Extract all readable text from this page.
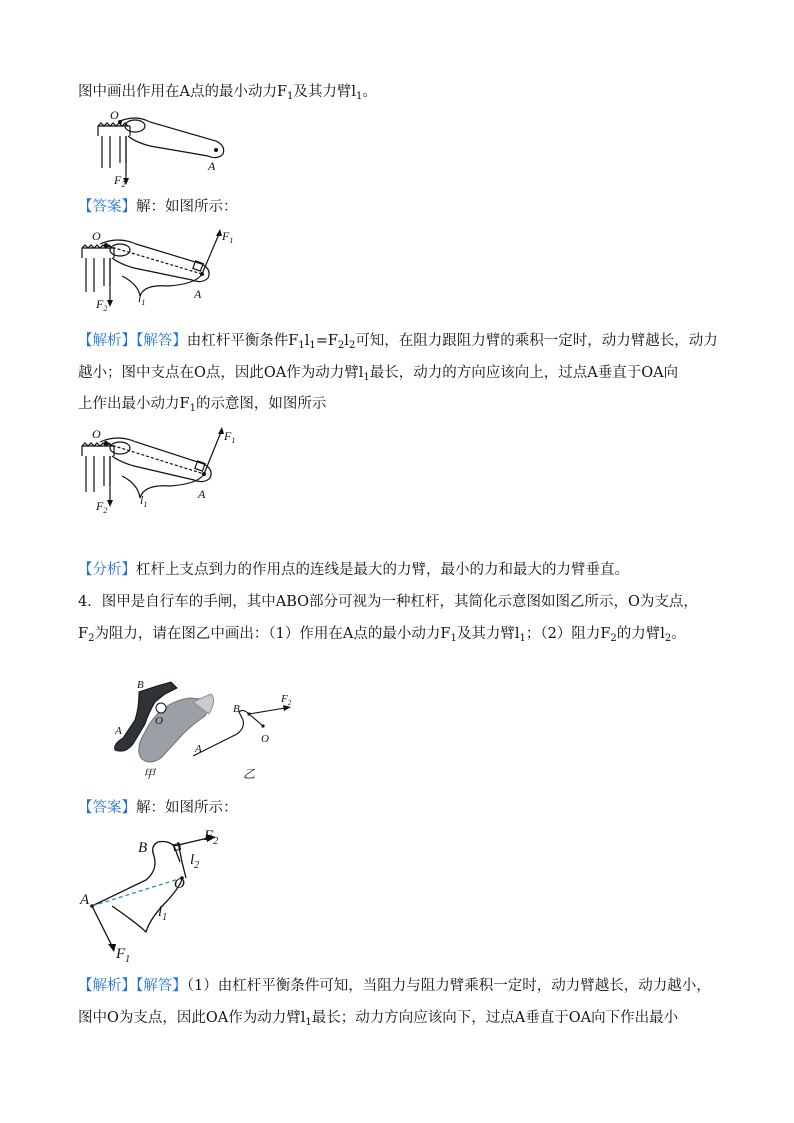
图中画出作用在A点的最小动力$F_1$及其力臂$l_1$。
O
A
$F_2$
【答案】解：如图所示：
O
A
$F_1$
$F_2$
$l_1$
【解析】【解答】由杠杆平衡条件$F_1l_1=F_2l_2$可知，在阻力跟阻力臂的乘积一定时，动力臂越长，动力
越小；图中支点在O点，因此OA作为动力臂$l_1$最长，动力的方向应该向上，过点A垂直于OA向
上作出最小动力$F_1$的示意图，如图所示
O
A
$F_1$
$F_2$
$l_1$
【分析】杠杆上支点到力的作用点的连线是最大的力臂，最小的力和最大的力臂垂直。
4．图甲是自行车的手闸，其中ABO部分可视为一种杠杆，其简化示意图如图乙所示，O为支点，
$F_2$为阻力，请在图乙中画出：（1）作用在A点的最小动力$F_1$及其力臂$l_1$；（2）阻力$F_2$的力臂$l_2$。
B
O
A
甲
B
O
A
$F_2$
乙
【答案】解：如图所示：
B
O
A
$F_2$
$F_1$
$l_1$
$l_2$
【解析】【解答】（1）由杠杆平衡条件可知，当阻力与阻力臂乘积一定时，动力臂越长，动力越小，
图中O为支点，因此OA作为动力臂$l_1$最长；动力方向应该向下，过点A垂直于OA向下作出最小
